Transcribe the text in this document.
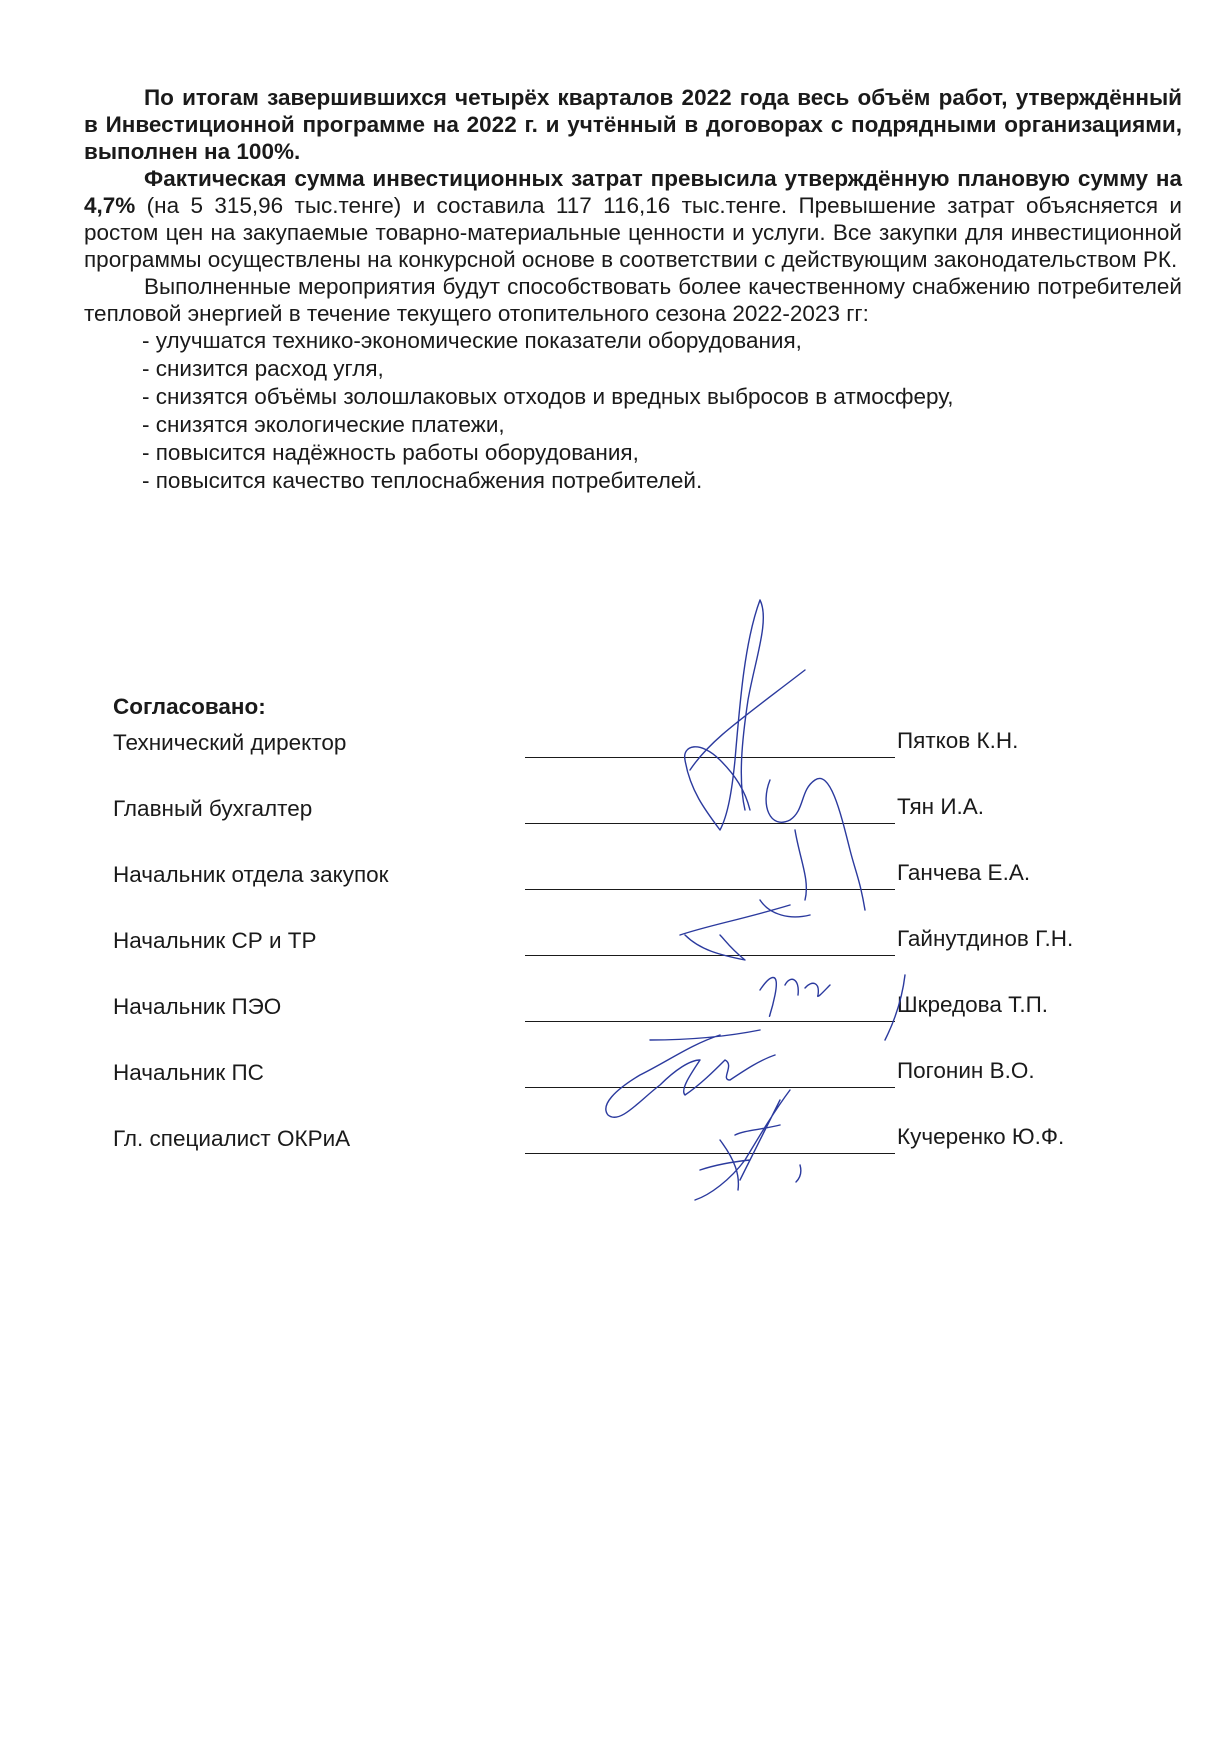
По итогам завершившихся четырёх кварталов 2022 года весь объём работ, утверждённый в Инвестиционной программе на 2022 г. и учтённый в договорах с подрядными организациями, выполнен на 100%.

Фактическая сумма инвестиционных затрат превысила утверждённую плановую сумму на 4,7% (на 5 315,96 тыс.тенге) и составила 117 116,16 тыс.тенге. Превышение затрат объясняется и ростом цен на закупаемые товарно-материальные ценности и услуги. Все закупки для инвестиционной программы осуществлены на конкурсной основе в соответствии с действующим законодательством РК.

Выполненные мероприятия будут способствовать более качественному снабжению потребителей тепловой энергией в течение текущего отопительного сезона 2022-2023 гг:

- улучшатся технико-экономические показатели оборудования,
- снизится расход угля,
- снизятся объёмы золошлаковых отходов и вредных выбросов в атмосферу,
- снизятся экологические платежи,
- повысится надёжность работы оборудования,
- повысится качество теплоснабжения потребителей.
Согласовано:
Технический директор	Пятков К.Н.
Главный бухгалтер	Тян И.А.
Начальник отдела закупок	Ганчева Е.А.
Начальник СР и ТР	Гайнутдинов Г.Н.
Начальник ПЭО	Шкредова Т.П.
Начальник ПС	Погонин В.О.
Гл. специалист ОКРиА	Кучеренко Ю.Ф.
